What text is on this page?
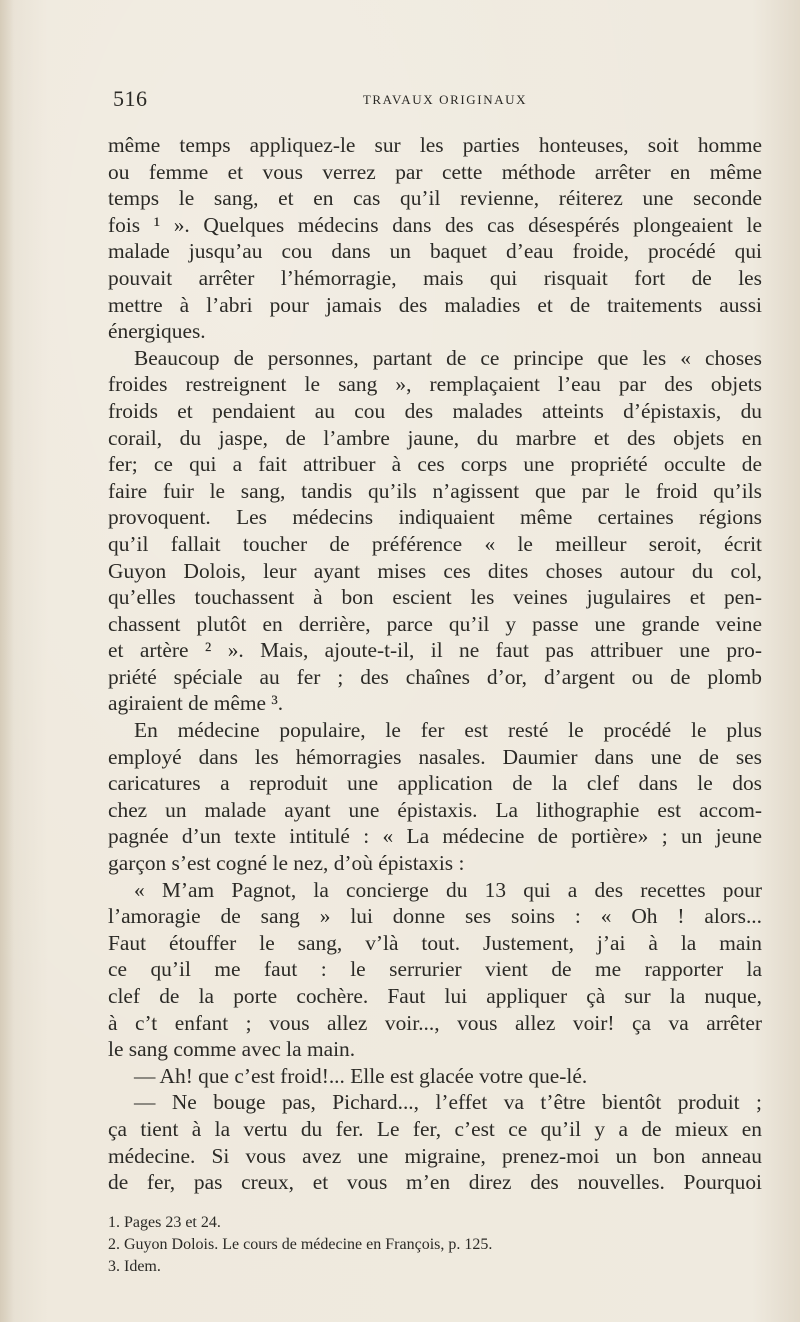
516	TRAVAUX ORIGINAUX
même temps appliquez-le sur les parties honteuses, soit homme
ou femme et vous verrez par cette méthode arrêter en même
temps le sang, et en cas qu’il revienne, réiterez une seconde
fois ¹ ». Quelques médecins dans des cas désespérés plongeaient le
malade jusqu’au cou dans un baquet d’eau froide, procédé qui
pouvait arrêter l’hémorragie, mais qui risquait fort de les
mettre à l’abri pour jamais des maladies et de traitements aussi
énergiques.
Beaucoup de personnes, partant de ce principe que les « choses
froides restreignent le sang », remplaçaient l’eau par des objets
froids et pendaient au cou des malades atteints d’épistaxis, du
corail, du jaspe, de l’ambre jaune, du marbre et des objets en
fer; ce qui a fait attribuer à ces corps une propriété occulte de
faire fuir le sang, tandis qu’ils n’agissent que par le froid qu’ils
provoquent. Les médecins indiquaient même certaines régions
qu’il fallait toucher de préférence « le meilleur seroit, écrit
Guyon Dolois, leur ayant mises ces dites choses autour du col,
qu’elles touchassent à bon escient les veines jugulaires et pen-
chassent plutôt en derrière, parce qu’il y passe une grande veine
et artère ² ». Mais, ajoute-t-il, il ne faut pas attribuer une pro-
priété spéciale au fer ; des chaînes d’or, d’argent ou de plomb
agiraient de même ³.
En médecine populaire, le fer est resté le procédé le plus
employé dans les hémorragies nasales. Daumier dans une de ses
caricatures a reproduit une application de la clef dans le dos
chez un malade ayant une épistaxis. La lithographie est accom-
pagnée d’un texte intitulé : « La médecine de portière» ; un jeune
garçon s’est cogné le nez, d’où épistaxis :
« M’am Pagnot, la concierge du 13 qui a des recettes pour
l’amoragie de sang » lui donne ses soins : « Oh ! alors...
Faut étouffer le sang, v’là tout. Justement, j’ai à la main
ce qu’il me faut : le serrurier vient de me rapporter la
clef de la porte cochère. Faut lui appliquer çà sur la nuque,
à c’t enfant ; vous allez voir..., vous allez voir! ça va arrêter
le sang comme avec la main.
— Ah! que c’est froid!... Elle est glacée votre que-lé.
— Ne bouge pas, Pichard..., l’effet va t’être bientôt produit ;
ça tient à la vertu du fer. Le fer, c’est ce qu’il y a de mieux en
médecine. Si vous avez une migraine, prenez-moi un bon anneau
de fer, pas creux, et vous m’en direz des nouvelles. Pourquoi
1. Pages 23 et 24.
2. Guyon Dolois. Le cours de médecine en François, p. 125.
3. Idem.
